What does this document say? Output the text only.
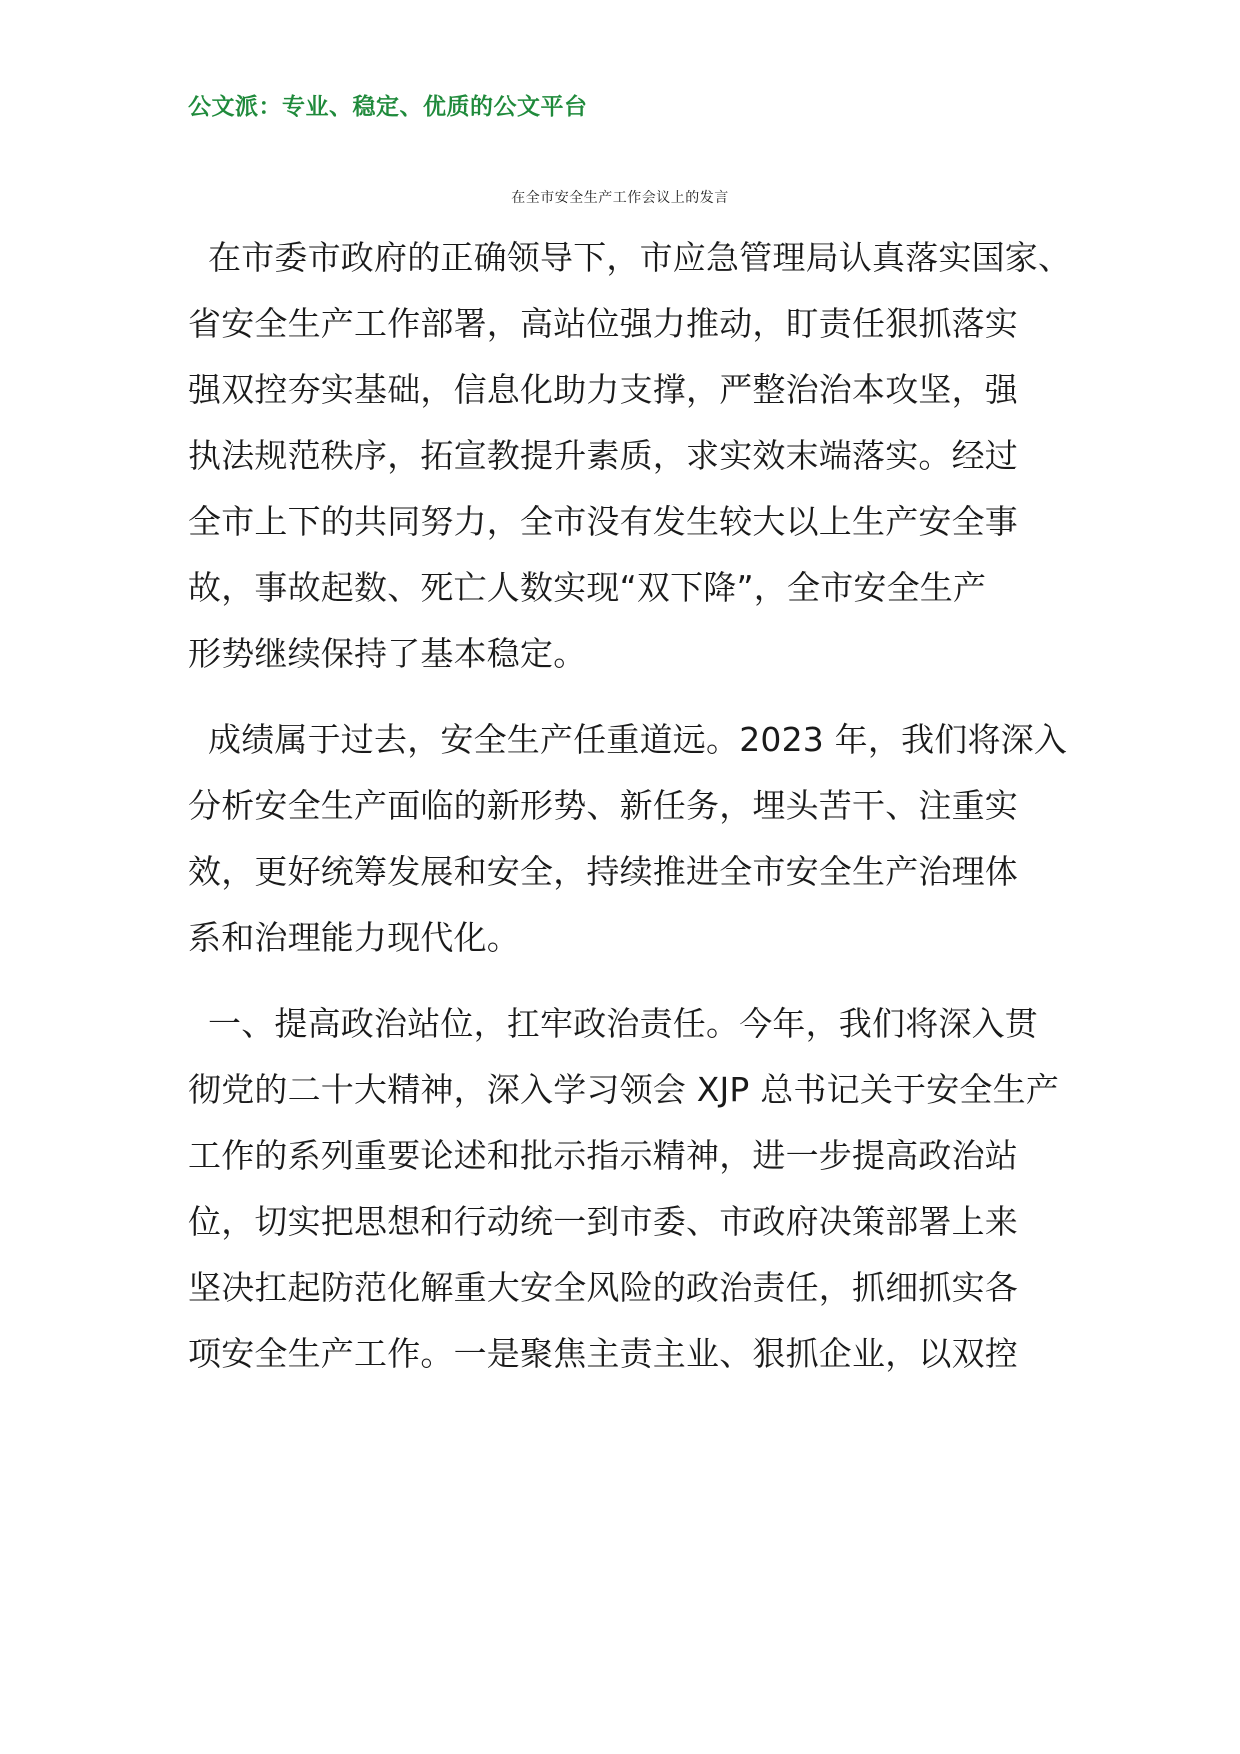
公文派：专业、稳定、优质的公文平台
在全市安全生产工作会议上的发言
在市委市政府的正确领导下，市应急管理局认真落实国家、
省安全生产工作部署，高站位强力推动，盯责任狠抓落实
强双控夯实基础，信息化助力支撑，严整治治本攻坚，强
执法规范秩序，拓宣教提升素质，求实效末端落实。经过
全市上下的共同努力，全市没有发生较大以上生产安全事
故，事故起数、死亡人数实现“双下降”，全市安全生产
形势继续保持了基本稳定。
成绩属于过去，安全生产任重道远。2023 年，我们将深入
分析安全生产面临的新形势、新任务，埋头苦干、注重实
效，更好统筹发展和安全，持续推进全市安全生产治理体
系和治理能力现代化。
一、提高政治站位，扛牢政治责任。今年，我们将深入贯
彻党的二十大精神，深入学习领会 XJP 总书记关于安全生产
工作的系列重要论述和批示指示精神，进一步提高政治站
位，切实把思想和行动统一到市委、市政府决策部署上来
坚决扛起防范化解重大安全风险的政治责任，抓细抓实各
项安全生产工作。一是聚焦主责主业、狠抓企业，以双控
